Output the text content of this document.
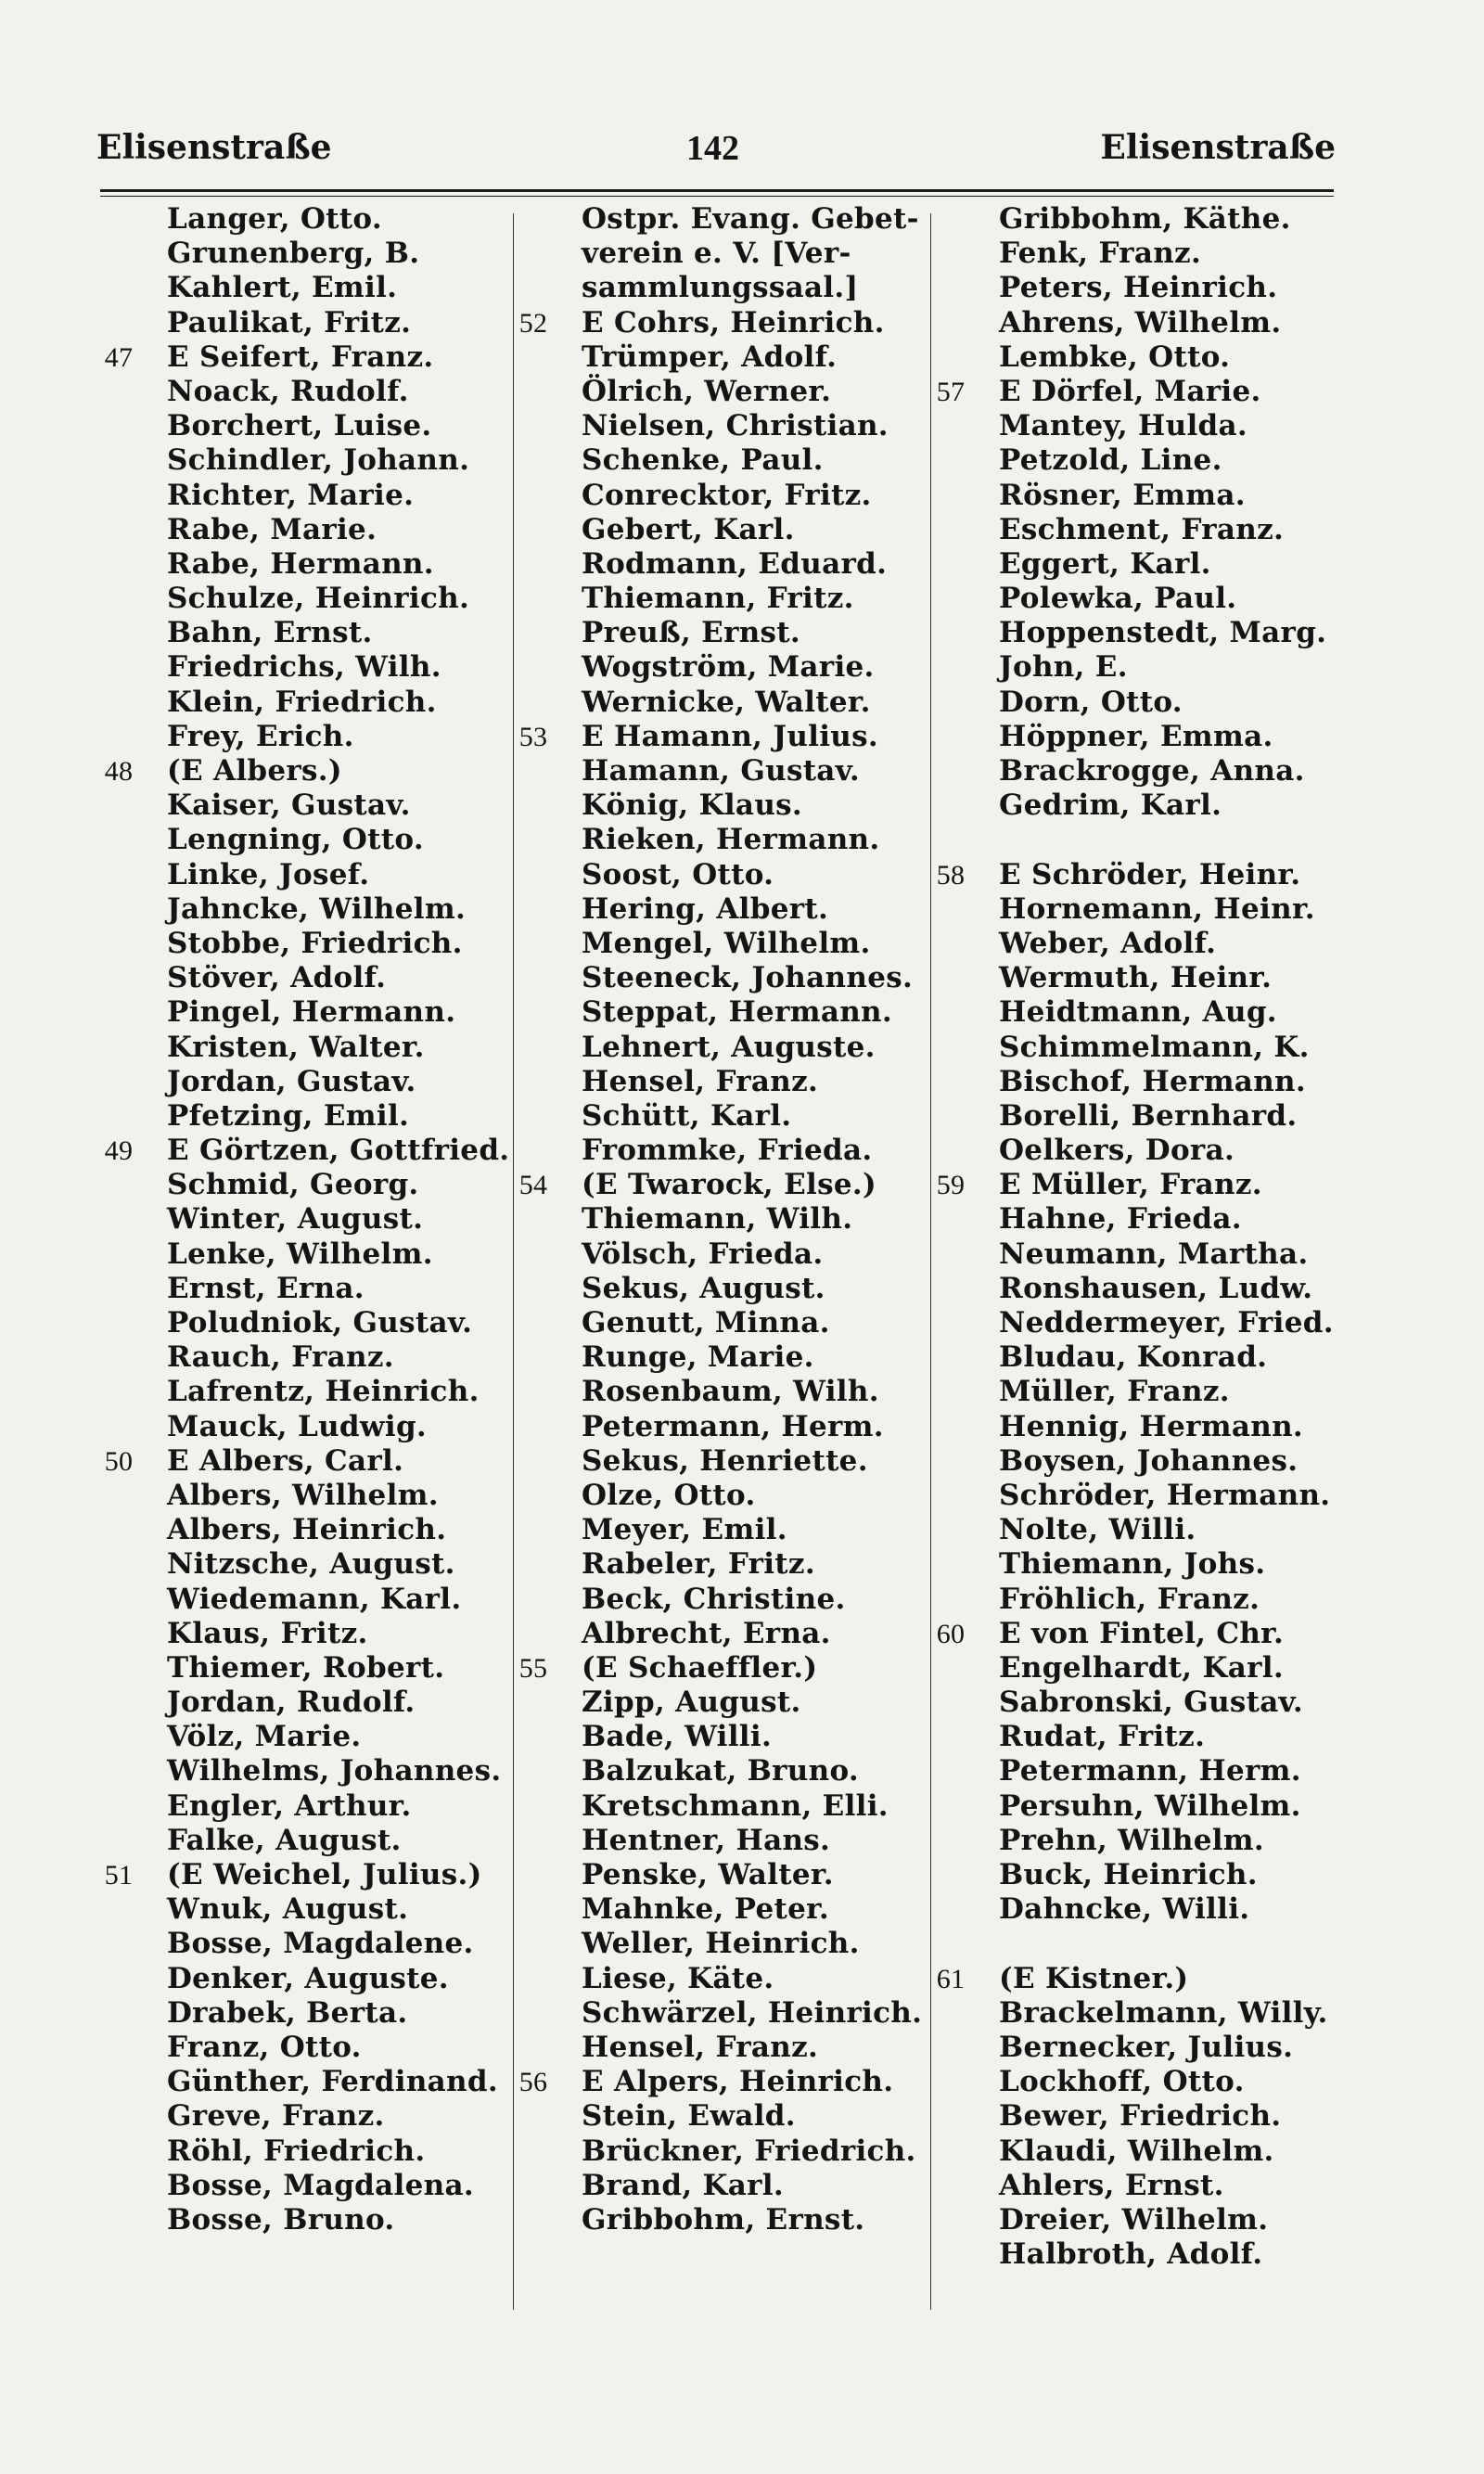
Elisenstraße	142	Elisenstraße
Langer, Otto.
Grunenberg, B.
Kahlert, Emil.
Paulikat, Fritz.
47 E Seifert, Franz.
Noack, Rudolf.
Borchert, Luise.
Schindler, Johann.
Richter, Marie.
Rabe, Marie.
Rabe, Hermann.
Schulze, Heinrich.
Bahn, Ernst.
Friedrichs, Wilh.
Klein, Friedrich.
Frey, Erich.
48 (E Albers.)
Kaiser, Gustav.
Lengning, Otto.
Linke, Josef.
Jahncke, Wilhelm.
Stobbe, Friedrich.
Stöver, Adolf.
Pingel, Hermann.
Kristen, Walter.
Jordan, Gustav.
Pfetzing, Emil.
49 E Görtzen, Gottfried.
Schmid, Georg.
Winter, August.
Lenke, Wilhelm.
Ernst, Erna.
Poludniok, Gustav.
Rauch, Franz.
Lafrentz, Heinrich.
Mauck, Ludwig.
50 E Albers, Carl.
Albers, Wilhelm.
Albers, Heinrich.
Nitzsche, August.
Wiedemann, Karl.
Klaus, Fritz.
Thiemer, Robert.
Jordan, Rudolf.
Völz, Marie.
Wilhelms, Johannes.
Engler, Arthur.
Falke, August.
51 (E Weichel, Julius.)
Wnuk, August.
Bosse, Magdalene.
Denker, Auguste.
Drabek, Berta.
Franz, Otto.
Günther, Ferdinand.
Greve, Franz.
Röhl, Friedrich.
Bosse, Magdalena.
Bosse, Bruno.
Ostpr. Evang. Gebet-
verein e. V. [Ver-
sammlungssaal.]
52 E Cohrs, Heinrich.
Trümper, Adolf.
Ölrich, Werner.
Nielsen, Christian.
Schenke, Paul.
Conrecktor, Fritz.
Gebert, Karl.
Rodmann, Eduard.
Thiemann, Fritz.
Preuß, Ernst.
Wogström, Marie.
Wernicke, Walter.
53 E Hamann, Julius.
Hamann, Gustav.
König, Klaus.
Rieken, Hermann.
Soost, Otto.
Hering, Albert.
Mengel, Wilhelm.
Steeneck, Johannes.
Steppat, Hermann.
Lehnert, Auguste.
Hensel, Franz.
Schütt, Karl.
Frommke, Frieda.
54 (E Twarock, Else.)
Thiemann, Wilh.
Völsch, Frieda.
Sekus, August.
Genutt, Minna.
Runge, Marie.
Rosenbaum, Wilh.
Petermann, Herm.
Sekus, Henriette.
Olze, Otto.
Meyer, Emil.
Rabeler, Fritz.
Beck, Christine.
Albrecht, Erna.
55 (E Schaeffler.)
Zipp, August.
Bade, Willi.
Balzukat, Bruno.
Kretschmann, Elli.
Hentner, Hans.
Penske, Walter.
Mahnke, Peter.
Weller, Heinrich.
Liese, Käte.
Schwärzel, Heinrich.
Hensel, Franz.
56 E Alpers, Heinrich.
Stein, Ewald.
Brückner, Friedrich.
Brand, Karl.
Gribbohm, Ernst.
Gribbohm, Käthe.
Fenk, Franz.
Peters, Heinrich.
Ahrens, Wilhelm.
Lembke, Otto.
57 E Dörfel, Marie.
Mantey, Hulda.
Petzold, Line.
Rösner, Emma.
Eschment, Franz.
Eggert, Karl.
Polewka, Paul.
Hoppenstedt, Marg.
John, E.
Dorn, Otto.
Höppner, Emma.
Brackrogge, Anna.
Gedrim, Karl.
58 E Schröder, Heinr.
Hornemann, Heinr.
Weber, Adolf.
Wermuth, Heinr.
Heidtmann, Aug.
Schimmelmann, K.
Bischof, Hermann.
Borelli, Bernhard.
Oelkers, Dora.
59 E Müller, Franz.
Hahne, Frieda.
Neumann, Martha.
Ronshausen, Ludw.
Neddermeyer, Fried.
Bludau, Konrad.
Müller, Franz.
Hennig, Hermann.
Boysen, Johannes.
Schröder, Hermann.
Nolte, Willi.
Thiemann, Johs.
Fröhlich, Franz.
60 E von Fintel, Chr.
Engelhardt, Karl.
Sabronski, Gustav.
Rudat, Fritz.
Petermann, Herm.
Persuhn, Wilhelm.
Prehn, Wilhelm.
Buck, Heinrich.
Dahncke, Willi.
61 (E Kistner.)
Brackelmann, Willy.
Bernecker, Julius.
Lockhoff, Otto.
Bewer, Friedrich.
Klaudi, Wilhelm.
Ahlers, Ernst.
Dreier, Wilhelm.
Halbroth, Adolf.
